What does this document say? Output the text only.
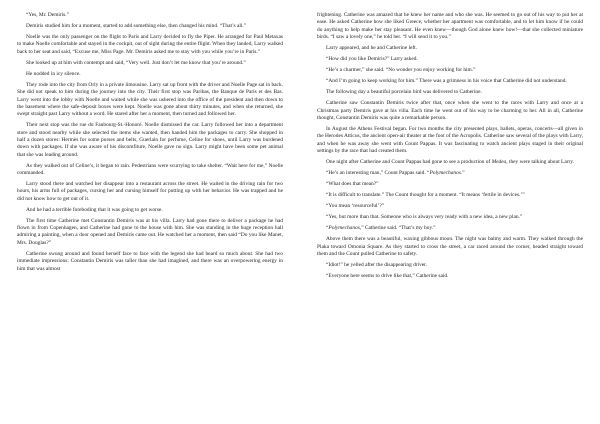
“Yes, Mr. Demiris.”

Demiris studied him for a moment, started to add something else, then changed his mind. “That’s all.”

Noelle was the only passenger on the flight to Paris and Larry decided to fly the Piper. He arranged for Paul Metaxas to make Noelle comfortable and stayed in the cockpit, out of sight during the entire flight. When they landed, Larry walked back to her seat and said, “Excuse me, Miss Page. Mr. Demiris asked me to stay with you while you’re in Paris.”

She looked up at him with contempt and said, “Very well. Just don’t let me know that you’re around.”

He nodded in icy silence.

They rode into the city from Orly in a private limousine. Larry sat up front with the driver and Noelle Page sat in back. She did not speak to him during the journey into the city. Their first stop was Paribas, the Banque de Paris et des Bas. Larry went into the lobby with Noelle and waited while she was ushered into the office of the president and then down to the basement where the safe-deposit boxes were kept. Noelle was gone about thirty minutes, and when she returned, she swept straight past Larry without a word. He stared after her a moment, then turned and followed her.

Their next stop was the rue du Faubourg-St.-Honoré. Noelle dismissed the car. Larry followed her into a department store and stood nearby while she selected the items she wanted, then handed him the packages to carry. She shopped in half a dozen stores: Hermès for some purses and belts, Guerlain for perfume, Celine for shoes, until Larry was burdened down with packages. If she was aware of his discomfiture, Noelle gave no sign. Larry might have been some pet animal that she was leading around.

As they walked out of Celine’s, it began to rain. Pedestrians were scurrying to take shelter. “Wait here for me,” Noelle commanded.

Larry stood there and watched her disappear into a restaurant across the street. He waited in the driving rain for two hours, his arms full of packages, cursing her and cursing himself for putting up with her behavior. He was trapped and he did not know how to get out of it.

And he had a terrible foreboding that it was going to get worse.

The first time Catherine met Constantin Demiris was at his villa. Larry had gone there to deliver a package he had flown in from Copenhagen, and Catherine had gone to the house with him. She was standing in the huge reception hall admiring a painting, when a door opened and Demiris came out. He watched her a moment, then said “Do you like Manet, Mrs. Douglas?”

Catherine swung around and found herself face to face with the legend she had heard so much about. She had two immediate impressions: Constantin Demiris was taller than she had imagined, and there was an overpowering energy in him that was almost

frightening. Catherine was amazed that he knew her name and who she was. He seemed to go out of his way to put her at ease. He asked Catherine how she liked Greece, whether her apartment was comfortable, and to let him know if he could do anything to help make her stay pleasant. He even knew—though God alone knew how!—that she collected miniature birds. “I saw a lovely one,” he told her. “I will send it to you.”

Larry appeared, and he and Catherine left.

“How did you like Demiris?” Larry asked.

“He’s a charmer,” she said. “No wonder you enjoy working for him.”

“And I’m going to keep working for him.” There was a grimness in his voice that Catherine did not understand.

The following day a beautiful porcelain bird was delivered to Catherine.

Catherine saw Constantin Demiris twice after that, once when she went to the races with Larry and once at a Christmas party Demiris gave at his villa. Each time he went out of his way to be charming to her. All in all, Catherine thought, Constantin Demiris was quite a remarkable person.

In August the Athens Festival began. For two months the city presented plays, ballets, operas, concerts—all given in the Herodes Atticus, the ancient open-air theater at the foot of the Acropolis. Catherine saw several of the plays with Larry, and when he was away she went with Count Pappas. It was fascinating to watch ancient plays staged in their original settings by the race that had created them.

One night after Catherine and Count Pappas had gone to see a production of Medea, they were talking about Larry.

“He’s an interesting man,” Count Pappas said. “Polymechanos.”

“What does that mean?”

“It is difficult to translate.” The Count thought for a moment. “It means ‘fertile in devices.’”

“You mean ‘resourceful’?”

“Yes, but more than that. Someone who is always very ready with a new idea, a new plan.”

“Polymechanos,” Catherine said. “That’s my boy.”

Above them there was a beautiful, waxing gibbous moon. The night was balmy and warm. They walked through the Plaka toward Omonia Square. As they started to cross the street, a car raced around the corner, headed straight toward them and the Count pulled Catherine to safety.

“Idiot!” he yelled after the disappearing driver.

“Everyone here seems to drive like that,” Catherine said.
